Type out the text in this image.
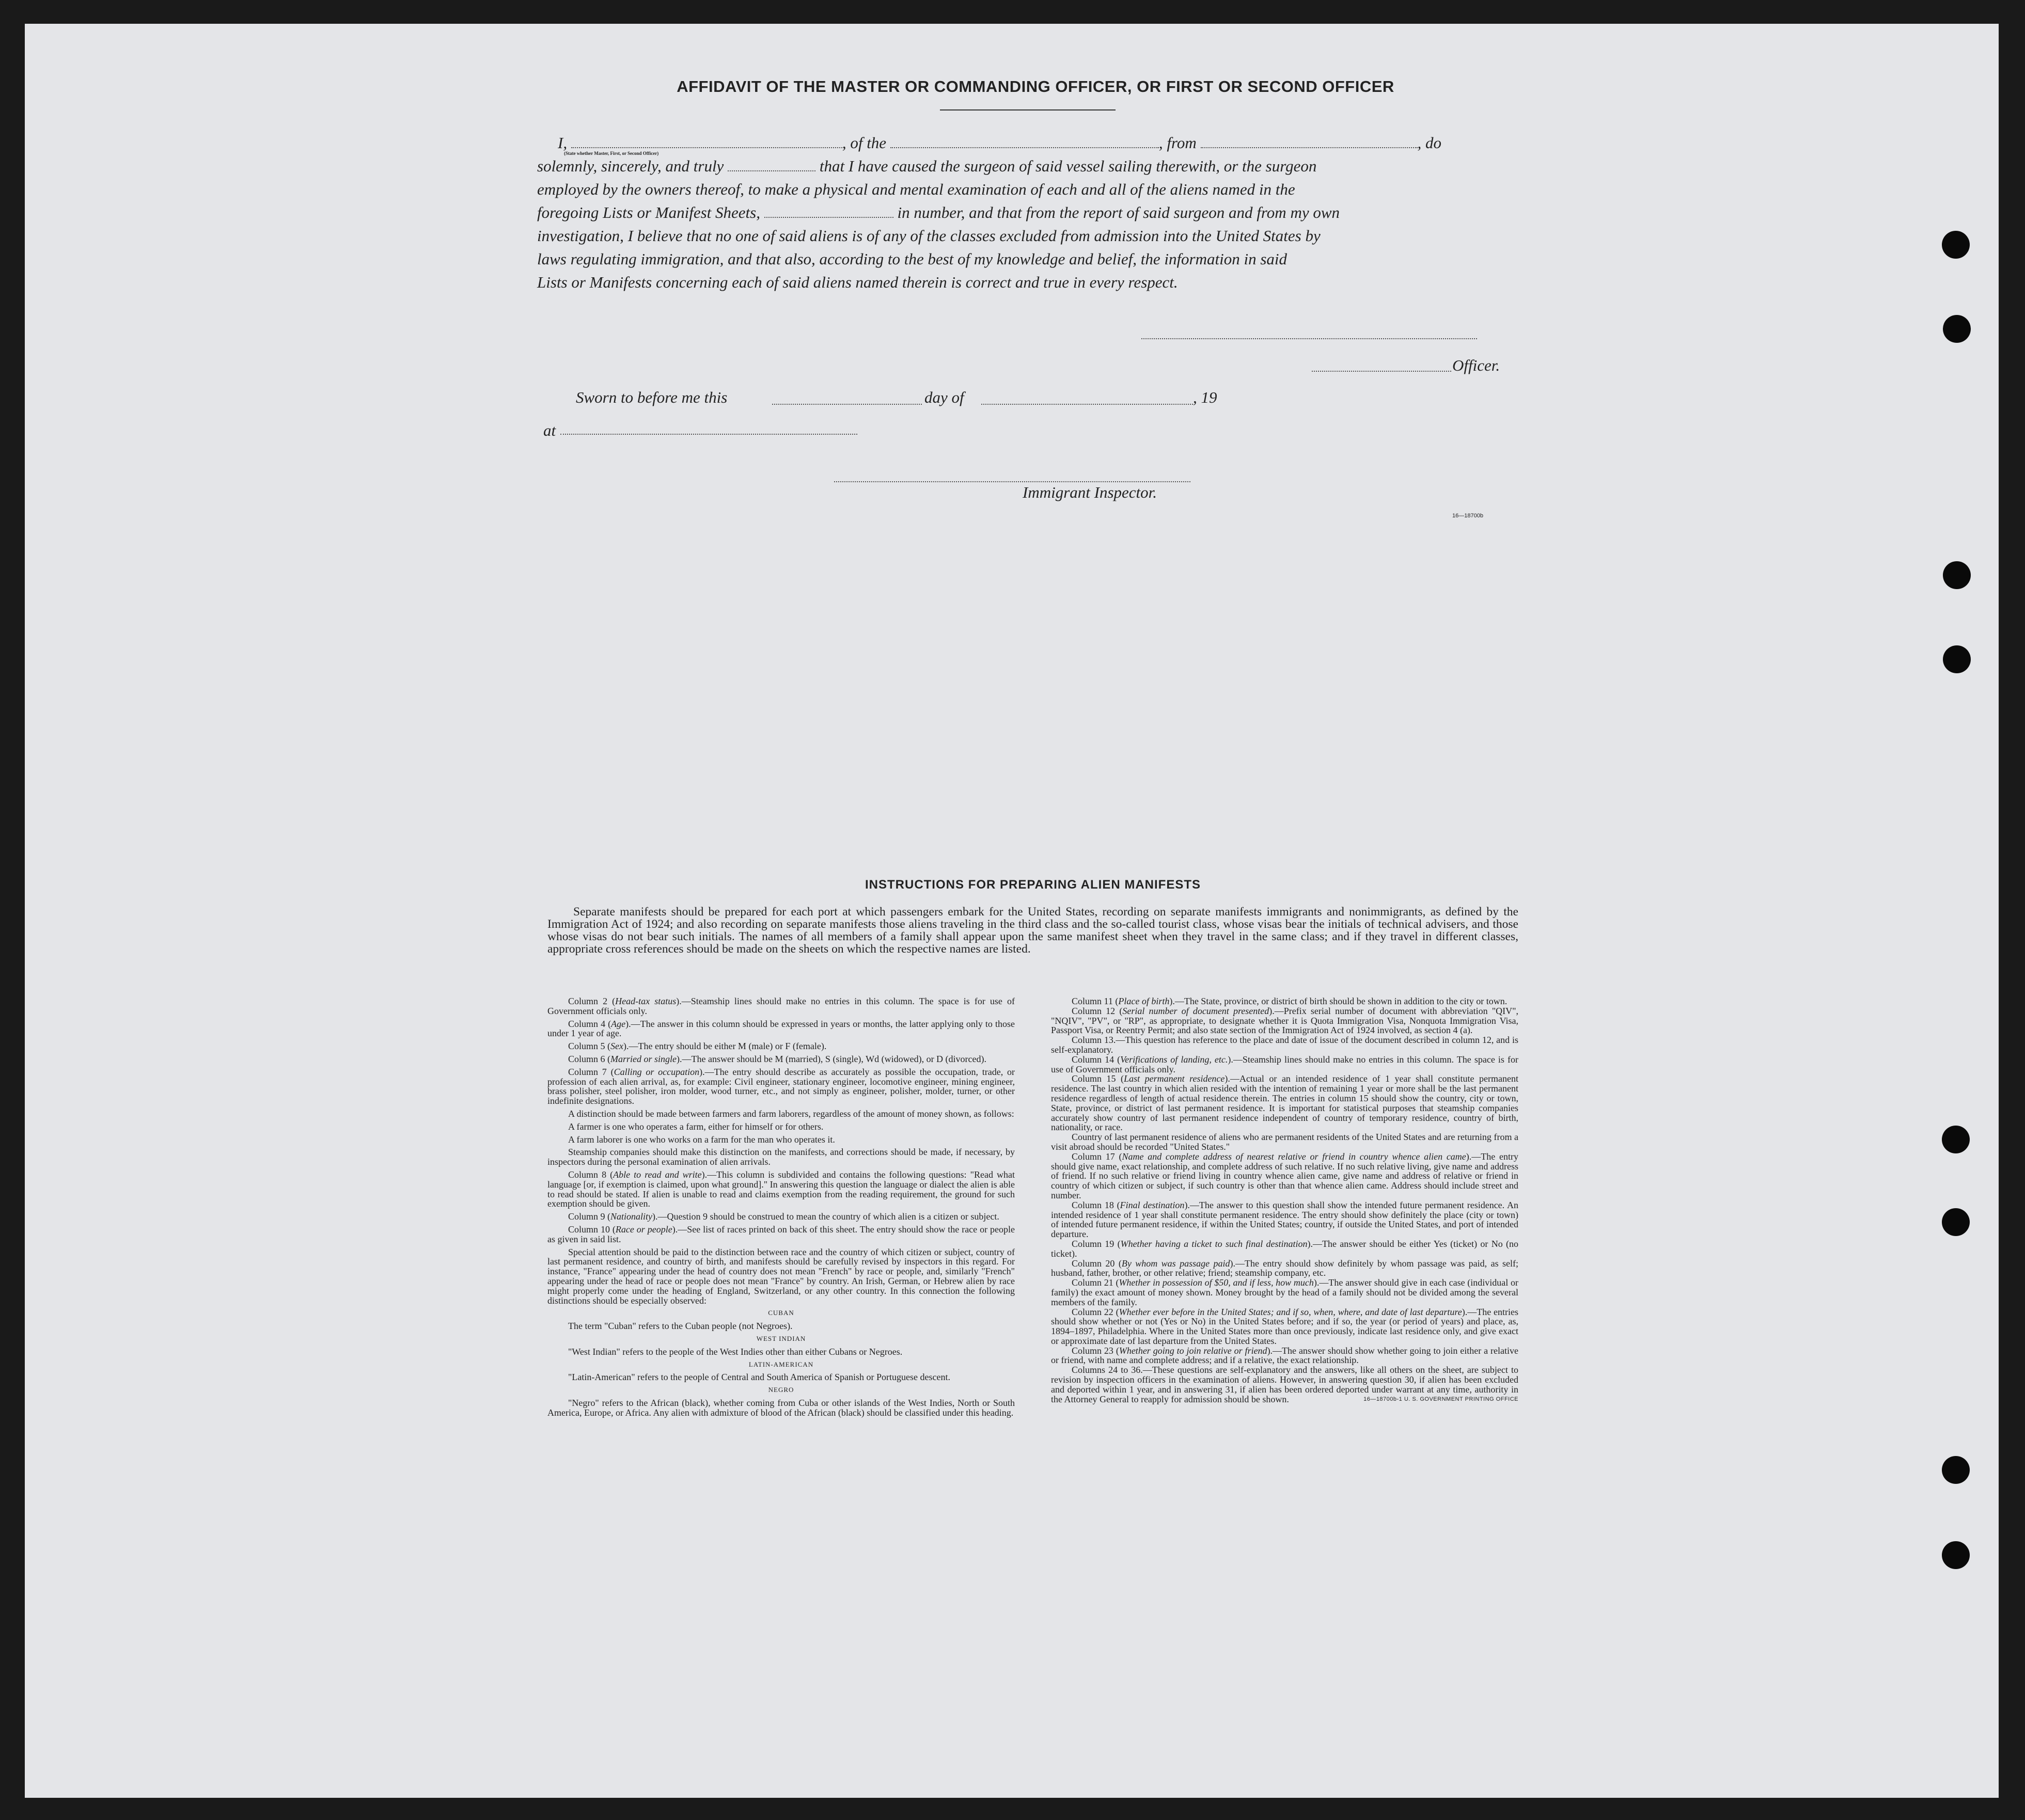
AFFIDAVIT OF THE MASTER OR COMMANDING OFFICER, OR FIRST OR SECOND OFFICER
I,	, of the	, from	, do
solemnly, sincerely, and truly	that I have caused the surgeon of said vessel sailing therewith, or the surgeon
employed by the owners thereof, to make a physical and mental examination of each and all of the aliens named in the
foregoing Lists or Manifest Sheets,	in number, and that from the report of said surgeon and from my own
investigation, I believe that no one of said aliens is of any of the classes excluded from admission into the United States by
laws regulating immigration, and that also, according to the best of my knowledge and belief, the information in said
Lists or Manifests concerning each of said aliens named therein is correct and true in every respect.
(State whether Master, First, or Second Officer)
Officer.
Sworn to before me this	day of	, 19
at
Immigrant Inspector.
16—18700b
INSTRUCTIONS FOR PREPARING ALIEN MANIFESTS
Separate manifests should be prepared for each port at which passengers embark for the United States, recording on separate manifests immigrants and nonimmigrants, as defined by the Immigration Act of 1924; and also recording on separate manifests those aliens traveling in the third class and the so-called tourist class, whose visas bear the initials of technical advisers, and those whose visas do not bear such initials. The names of all members of a family shall appear upon the same manifest sheet when they travel in the same class; and if they travel in different classes, appropriate cross references should be made on the sheets on which the respective names are listed.

Column 2 (Head-tax status).—Steamship lines should make no entries in this column. The space is for use of Government officials only.

Column 4 (Age).—The answer in this column should be expressed in years or months, the latter applying only to those under 1 year of age.

Column 5 (Sex).—The entry should be either M (male) or F (female).

Column 6 (Married or single).—The answer should be M (married), S (single), Wd (widowed), or D (divorced).

Column 7 (Calling or occupation).—The entry should describe as accurately as possible the occupation, trade, or profession of each alien arrival, as, for example: Civil engineer, stationary engineer, locomotive engineer, mining engineer, brass polisher, steel polisher, iron molder, wood turner, etc., and not simply as engineer, polisher, molder, turner, or other indefinite designations.

A distinction should be made between farmers and farm laborers, regardless of the amount of money shown, as follows:

A farmer is one who operates a farm, either for himself or for others.

A farm laborer is one who works on a farm for the man who operates it.

Steamship companies should make this distinction on the manifests, and corrections should be made, if necessary, by inspectors during the personal examination of alien arrivals.

Column 8 (Able to read and write).—This column is subdivided and contains the following questions: "Read what language [or, if exemption is claimed, upon what ground]." In answering this question the language or dialect the alien is able to read should be stated. If alien is unable to read and claims exemption from the reading requirement, the ground for such exemption should be given.

Column 9 (Nationality).—Question 9 should be construed to mean the country of which alien is a citizen or subject.

Column 10 (Race or people).—See list of races printed on back of this sheet. The entry should show the race or people as given in said list.

Special attention should be paid to the distinction between race and the country of which citizen or subject, country of last permanent residence, and country of birth, and manifests should be carefully revised by inspectors in this regard. For instance, "France" appearing under the head of country does not mean "French" by race or people, and, similarly "French" appearing under the head of race or people does not mean "France" by country. An Irish, German, or Hebrew alien by race might properly come under the heading of England, Switzerland, or any other country. In this connection the following distinctions should be especially observed:

CUBAN

The term "Cuban" refers to the Cuban people (not Negroes).

WEST INDIAN

"West Indian" refers to the people of the West Indies other than either Cubans or Negroes.

LATIN-AMERICAN

"Latin-American" refers to the people of Central and South America of Spanish or Portuguese descent.

NEGRO

"Negro" refers to the African (black), whether coming from Cuba or other islands of the West Indies, North or South America, Europe, or Africa. Any alien with admixture of blood of the African (black) should be classified under this heading.

Column 11 (Place of birth).—The State, province, or district of birth should be shown in addition to the city or town.

Column 12 (Serial number of document presented).—Prefix serial number of document with abbreviation "QIV", "NQIV", "PV", or "RP", as appropriate, to designate whether it is Quota Immigration Visa, Nonquota Immigration Visa, Passport Visa, or Reentry Permit; and also state section of the Immigration Act of 1924 involved, as section 4 (a).

Column 13.—This question has reference to the place and date of issue of the document described in column 12, and is self-explanatory.

Column 14 (Verifications of landing, etc.).—Steamship lines should make no entries in this column. The space is for use of Government officials only.

Column 15 (Last permanent residence).—Actual or an intended residence of 1 year shall constitute permanent residence. The last country in which alien resided with the intention of remaining 1 year or more shall be the last permanent residence regardless of length of actual residence therein. The entries in column 15 should show the country, city or town, State, province, or district of last permanent residence. It is important for statistical purposes that steamship companies accurately show country of last permanent residence independent of country of temporary residence, country of birth, nationality, or race.

Country of last permanent residence of aliens who are permanent residents of the United States and are returning from a visit abroad should be recorded "United States."

Column 17 (Name and complete address of nearest relative or friend in country whence alien came).—The entry should give name, exact relationship, and complete address of such relative. If no such relative living, give name and address of friend. If no such relative or friend living in country whence alien came, give name and address of relative or friend in country of which citizen or subject, if such country is other than that whence alien came. Address should include street and number.

Column 18 (Final destination).—The answer to this question shall show the intended future permanent residence. An intended residence of 1 year shall constitute permanent residence. The entry should show definitely the place (city or town) of intended future permanent residence, if within the United States; country, if outside the United States, and port of intended departure.

Column 19 (Whether having a ticket to such final destination).—The answer should be either Yes (ticket) or No (no ticket).

Column 20 (By whom was passage paid).—The entry should show definitely by whom passage was paid, as self; husband, father, brother, or other relative; friend; steamship company, etc.

Column 21 (Whether in possession of $50, and if less, how much).—The answer should give in each case (individual or family) the exact amount of money shown. Money brought by the head of a family should not be divided among the several members of the family.

Column 22 (Whether ever before in the United States; and if so, when, where, and date of last departure).—The entries should show whether or not (Yes or No) in the United States before; and if so, the year (or period of years) and place, as, 1894–1897, Philadelphia. Where in the United States more than once previously, indicate last residence only, and give exact or approximate date of last departure from the United States.

Column 23 (Whether going to join relative or friend).—The answer should show whether going to join either a relative or friend, with name and complete address; and if a relative, the exact relationship.

Columns 24 to 36.—These questions are self-explanatory and the answers, like all others on the sheet, are subject to revision by inspection officers in the examination of aliens. However, in answering question 30, if alien has been excluded and deported within 1 year, and in answering 31, if alien has been ordered deported under warrant at any time, authority in the Attorney General to reapply for admission should be shown.	16—18700b-1 U. S. GOVERNMENT PRINTING OFFICE
